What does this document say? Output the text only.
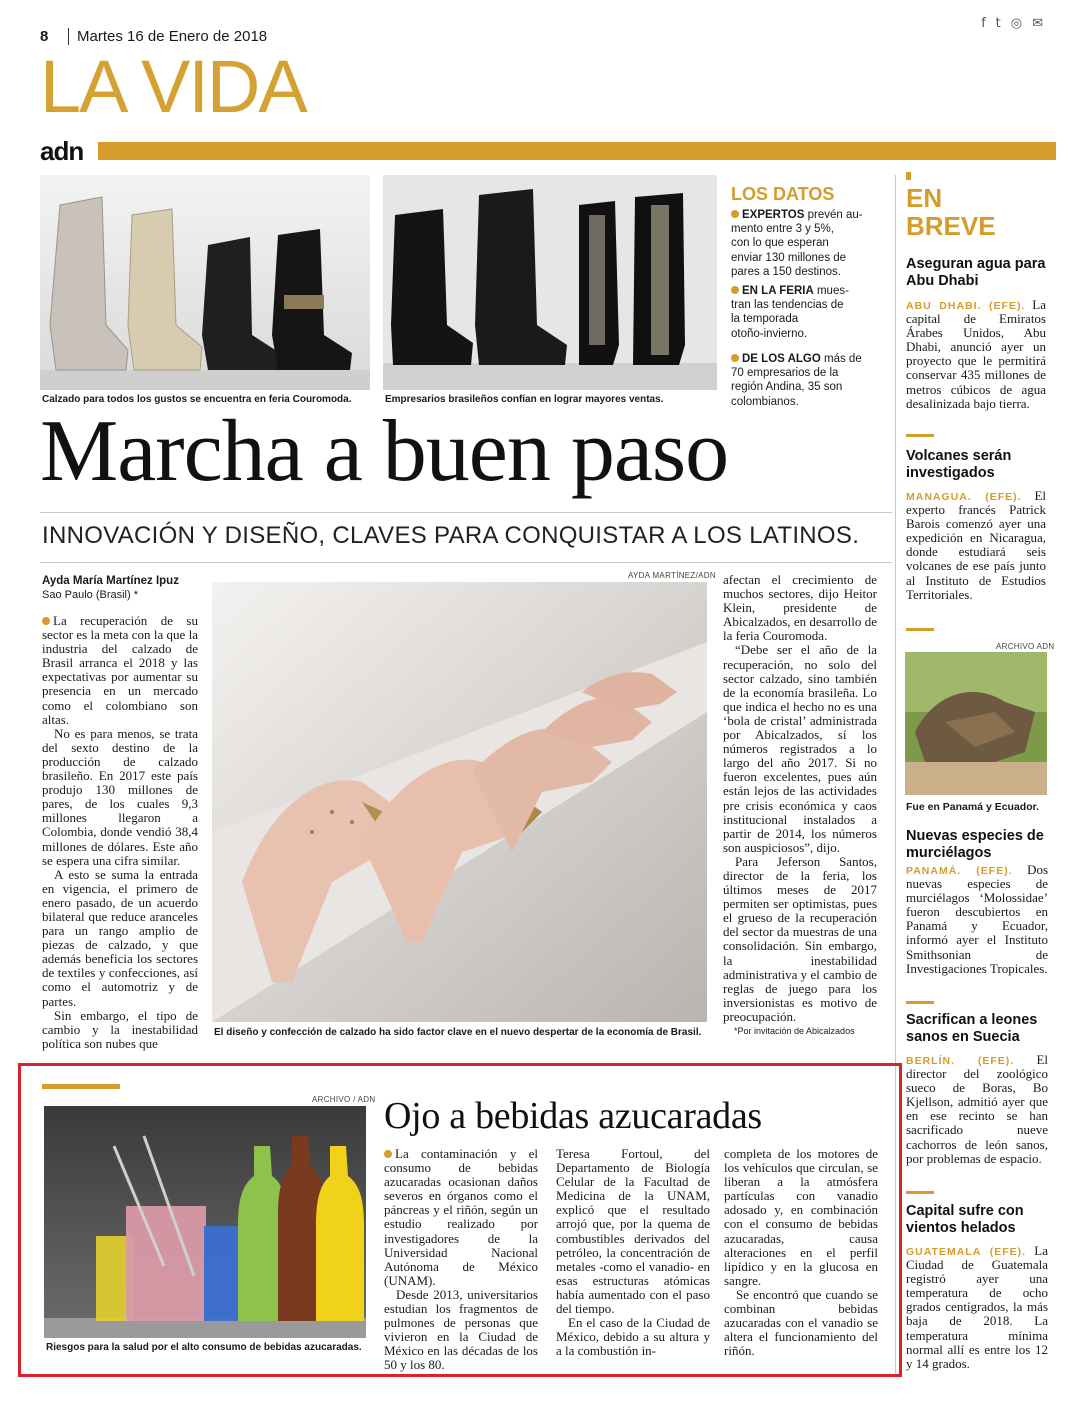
8	Martes 16 de Enero de 2018
ft◎✉
LA VIDA
adn
Calzado para todos los gustos se encuentra en feria Couromoda.	Empresarios brasileños confían en lograr mayores ventas.
LOS DATOS
EXPERTOS prevén au-
mento entre 3 y 5%,
con lo que esperan
enviar 130 millones de
pares a 150 destinos.
EN LA FERIA mues-
tran las tendencias de
la temporada
otoño-invierno.
DE LOS ALGO más de
70 empresarios de la
región Andina, 35 son
colombianos.
Marcha a buen paso
INNOVACIÓN Y DISEÑO, CLAVES PARA CONQUISTAR A LOS LATINOS.
Ayda María Martínez Ipuz
Sao Paulo (Brasil) *

La recuperación de su sector es la meta con la que la industria del calzado de Brasil arranca el 2018 y las expectativas por aumentar su presencia en un mercado como el colombiano son altas.

No es para menos, se trata del sexto destino de la producción de calzado brasileño. En 2017 este país produjo 130 millones de pares, de los cuales 9,3 millones llegaron a Colombia, donde vendió 38,4 millones de dólares. Este año se espera una cifra similar.

A esto se suma la entrada en vigencia, el primero de enero pasado, de un acuerdo bilateral que reduce aranceles para un rango amplio de piezas de calzado, y que además beneficia los sectores de textiles y confecciones, así como el automotriz y de partes.

Sin embargo, el tipo de cambio y la inestabilidad política son nubes que

AYDA MARTÍNEZ/ADN
El diseño y confección de calzado ha sido factor clave en el nuevo despertar de la economía de Brasil.

afectan el crecimiento de muchos sectores, dijo Heitor Klein, presidente de Abicalzados, en desarrollo de la feria Couromoda.

“Debe ser el año de la recuperación, no solo del sector calzado, sino también de la economía brasileña. Lo que indica el hecho no es una ‘bola de cristal’ administrada por Abicalzados, sí los números registrados a lo largo del año 2017. Si no fueron excelentes, pues aún están lejos de las actividades pre crisis económica y caos institucional instalados a partir de 2014, los números son auspiciosos”, dijo.

Para Jeferson Santos, director de la feria, los últimos meses de 2017 permiten ser optimistas, pues el grueso de la recuperación del sector da muestras de una consolidación. Sin embargo, la inestabilidad administrativa y el cambio de reglas de juego para los inversionistas es motivo de preocupación.

*Por invitación de Abicalzados
EN
BREVE
Aseguran agua para Abu Dhabi
ABU DHABI. (EFE). La capital de Emiratos Árabes Unidos, Abu Dhabi, anunció ayer un proyecto que le permitirá conservar 435 millones de metros cúbicos de agua desalinizada bajo tierra.
Volcanes serán investigados
MANAGUA. (EFE). El experto francés Patrick Barois comenzó ayer una expedición en Nicaragua, donde estudiará seis volcanes de ese país junto al Instituto de Estudios Territoriales.
ARCHIVO ADN
Fue en Panamá y Ecuador.
Nuevas especies de murciélagos
PANAMÁ. (EFE). Dos nuevas especies de murciélagos ‘Molossidae’ fueron descubiertos en Panamá y Ecuador, informó ayer el Instituto Smithsonian de Investigaciones Tropicales.
Sacrifican a leones sanos en Suecia
BERLÍN. (EFE). El director del zoológico sueco de Boras, Bo Kjellson, admitió ayer que en ese recinto se han sacrificado nueve cachorros de león sanos, por problemas de espacio.
Capital sufre con vientos helados
GUATEMALA (EFE). La Ciudad de Guatemala registró ayer una temperatura de ocho grados centígrados, la más baja de 2018. La temperatura mínima normal allí es entre los 12 y 14 grados.
ARCHIVO / ADN
Riesgos para la salud por el alto consumo de bebidas azucaradas.
Ojo a bebidas azucaradas

La contaminación y el consumo de bebidas azucaradas ocasionan daños severos en órganos como el páncreas y el riñón, según un estudio realizado por investigadores de la Universidad Nacional Autónoma de México (UNAM).

Desde 2013, universitarios estudian los fragmentos de pulmones de personas que vivieron en la Ciudad de México en las décadas de los 50 y los 80.

Teresa Fortoul, del Departamento de Biología Celular de la Facultad de Medicina de la UNAM, explicó que el resultado arrojó que, por la quema de combustibles derivados del petróleo, la concentración de metales -como el vanadio- en esas estructuras atómicas había aumentado con el paso del tiempo.

En el caso de la Ciudad de México, debido a su altura y a la combustión in-

completa de los motores de los vehículos que circulan, se liberan a la atmósfera partículas con vanadio adosado y, en combinación con el consumo de bebidas azucaradas, causa alteraciones en el perfil lipídico y en la glucosa en sangre.

Se encontró que cuando se combinan bebidas azucaradas con el vanadio se altera el funcionamiento del riñón.
